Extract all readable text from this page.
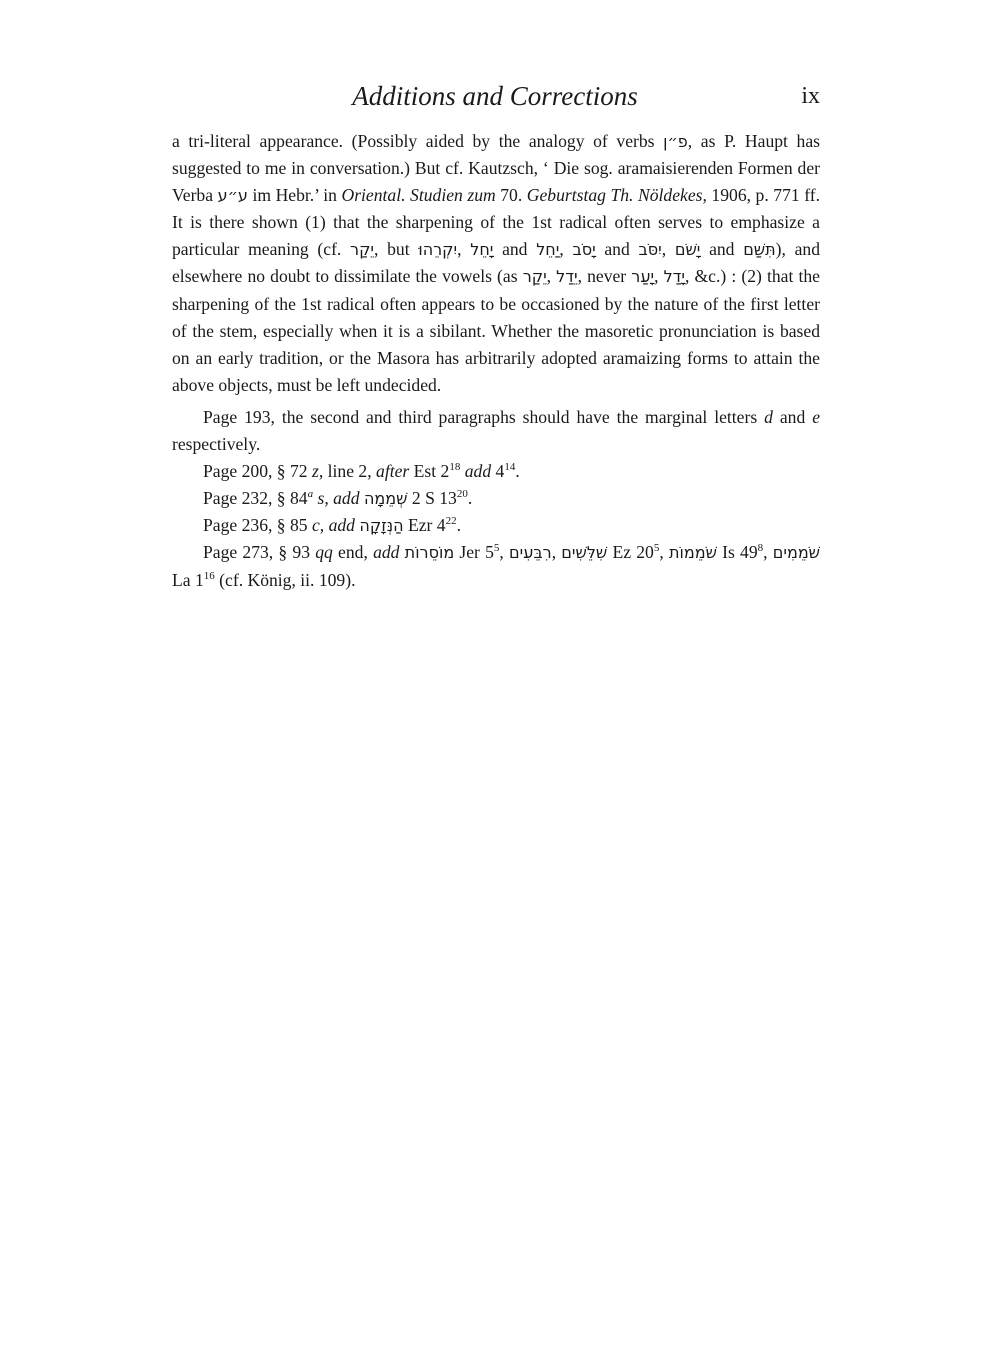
Additions and Corrections	ix

a tri-literal appearance. (Possibly aided by the analogy of verbs פ״ן, as P. Haupt has suggested to me in conversation.) But cf. Kautzsch, ‘ Die sog. aramaisierenden Formen der Verba ע״ע im Hebr.’ in Oriental. Studien zum 70. Geburtstag Th. Nöldekes, 1906, p. 771 ff. It is there shown (1) that the sharpening of the 1st radical often serves to emphasize a particular meaning (cf. יֵקַר, but יִקְרֵהוּ, יָחֵל and יַחֵל, יָסֹב and יִסֹּב, יָשֹׁם and תִּשַּׁם), and elsewhere no doubt to dissimilate the vowels (as יֵקַר, יֵדַל, never יָעַר, יָדַל, &c.) : (2) that the sharpening of the 1st radical often appears to be occasioned by the nature of the first letter of the stem, especially when it is a sibilant. Whether the masoretic pronunciation is based on an early tradition, or the Masora has arbitrarily adopted aramaizing forms to attain the above objects, must be left undecided.

Page 193, the second and third paragraphs should have the marginal letters d and e respectively.

Page 200, § 72 z, line 2, after Est $2^{18}$ add $4^{14}$.

Page 232, § 84$^a$ s, add שְׁמֵמָה 2 S $13^{20}$.

Page 236, § 85 c, add הַנְּזָקָה Ezr $4^{22}$.

Page 273, § 93 qq end, add מוֹסֵרוֹת Jer $5^5$, רִבֵּעִים, שִׁלֵּשִׁים Ez $20^5$, שֹׁמֵמוֹת Is $49^8$, שֹׁמֵמִים La $1^{16}$ (cf. König, ii. 109).
